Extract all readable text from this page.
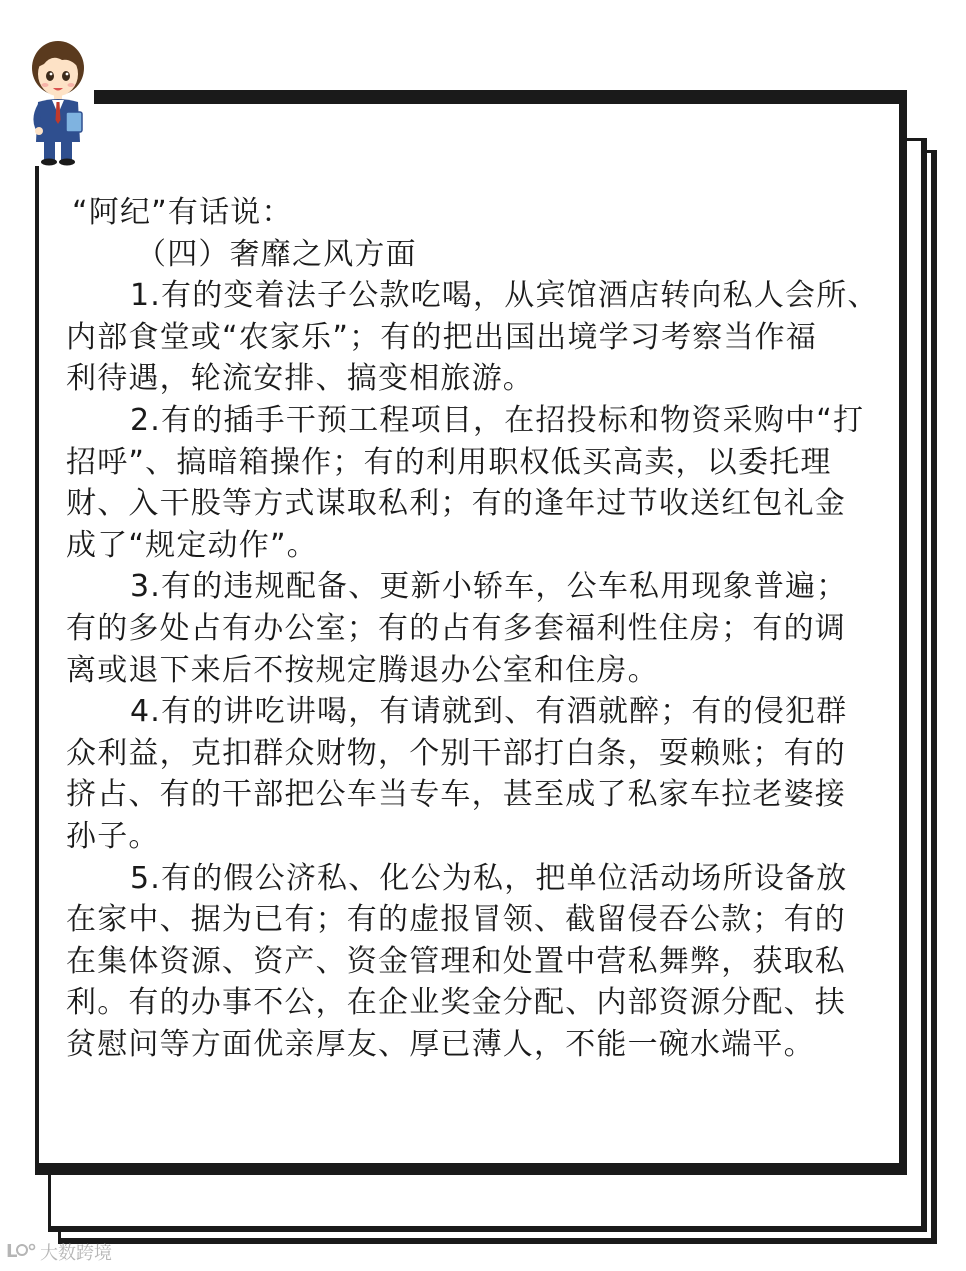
“阿纪”有话说：
（四）奢靡之风方面
1.有的变着法子公款吃喝，从宾馆酒店转向私人会所、
内部食堂或“农家乐”；有的把出国出境学习考察当作福
利待遇，轮流安排、搞变相旅游。
2.有的插手干预工程项目，在招投标和物资采购中“打
招呼”、搞暗箱操作；有的利用职权低买高卖，以委托理
财、入干股等方式谋取私利；有的逢年过节收送红包礼金
成了“规定动作”。
3.有的违规配备、更新小轿车，公车私用现象普遍；
有的多处占有办公室；有的占有多套福利性住房；有的调
离或退下来后不按规定腾退办公室和住房。
4.有的讲吃讲喝，有请就到、有酒就醉；有的侵犯群
众利益，克扣群众财物，个别干部打白条，耍赖账；有的
挤占、有的干部把公车当专车，甚至成了私家车拉老婆接
孙子。
5.有的假公济私、化公为私，把单位活动场所设备放
在家中、据为已有；有的虚报冒领、截留侵吞公款；有的
在集体资源、资产、资金管理和处置中营私舞弊，获取私
利。有的办事不公，在企业奖金分配、内部资源分配、扶
贫慰问等方面优亲厚友、厚已薄人，不能一碗水端平。
L 大数跨境
